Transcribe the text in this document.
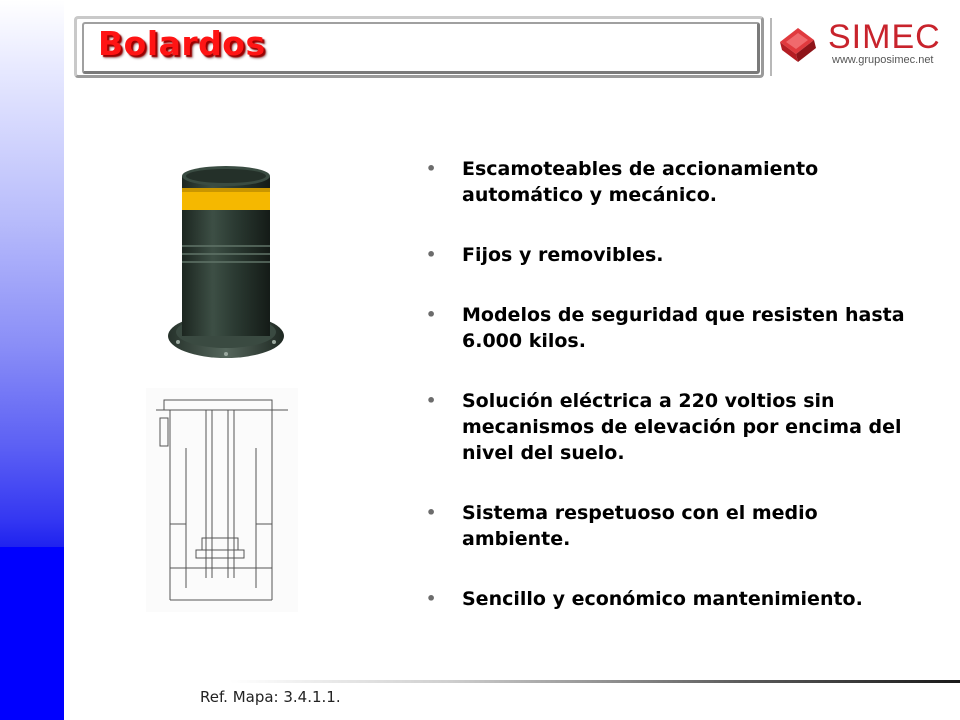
Bolardos	SIMEC
www.gruposimec.net
• Escamoteables de accionamiento automático y mecánico.
• Fijos y removibles.
• Modelos de seguridad que resisten hasta 6.000 kilos.
• Solución eléctrica a 220 voltios sin mecanismos de elevación por encima del nivel del suelo.
• Sistema respetuoso con el medio ambiente.
• Sencillo y económico mantenimiento.
Ref. Mapa: 3.4.1.1.
